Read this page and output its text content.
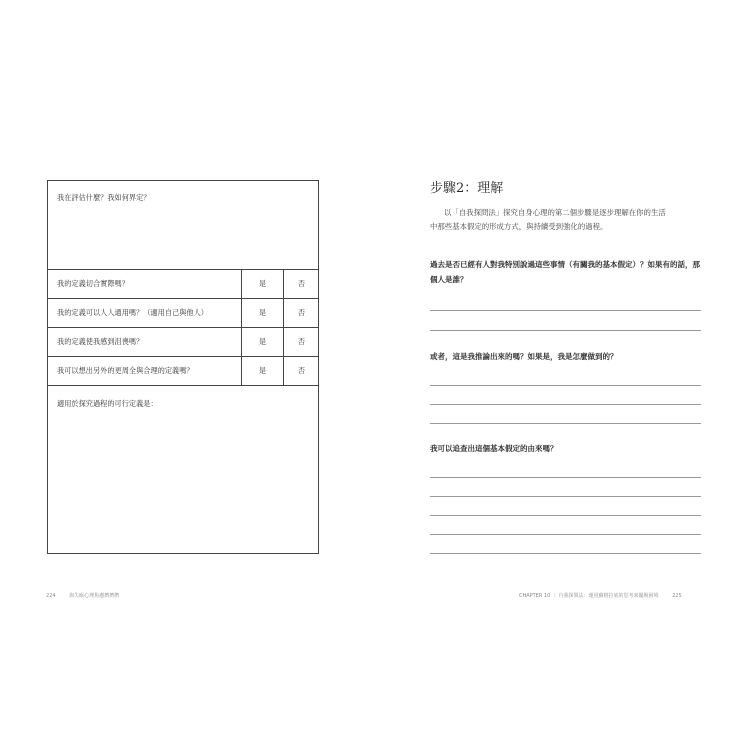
我在評估什麼？我如何界定？
我的定義切合實際嗎？	是	否
我的定義可以人人通用嗎？（適用自己與他人）	是	否
我的定義使我感到沮喪嗎？	是	否
我可以想出另外的更周全與合理的定義嗎？	是	否
適用於探究過程的可行定義是：
224	與失眠心理焦慮擠擠擠
步驟2：理解
以「自我探問法」探究自身心理的第二個步驟是逐步理解在你的生活
中那些基本假定的形成方式，與持續受到強化的過程。
過去是否已經有人對我特別說過這些事情（有關我的基本假定）？如果有的話，那個人是誰？
或者，這是我推論出來的嗎？如果是，我是怎麼做到的？
我可以追查出這個基本假定的由來嗎？
CHAPTER 10 ｜ 自我探問法：運用蘇格拉底的思考來擺脫困境	225
